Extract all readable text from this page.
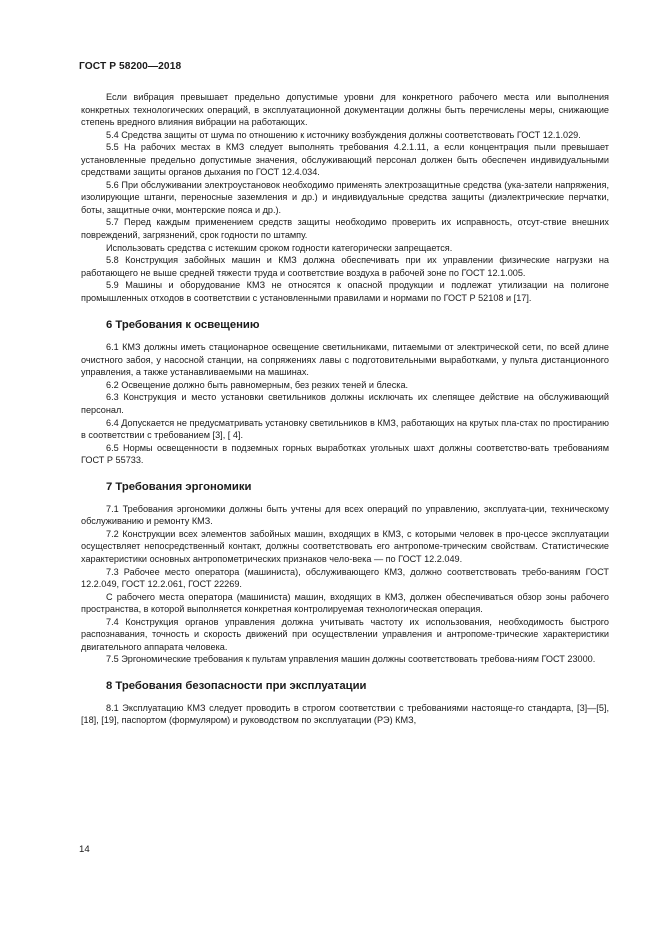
ГОСТ Р 58200—2018

Если вибрация превышает предельно допустимые уровни для конкретного рабочего места или выполнения конкретных технологических операций, в эксплуатационной документации должны быть перечислены меры, снижающие степень вредного влияния вибрации на работающих.

5.4 Средства защиты от шума по отношению к источнику возбуждения должны соответствовать ГОСТ 12.1.029.

5.5 На рабочих местах в КМЗ следует выполнять требования 4.2.1.11, а если концентрация пыли превышает установленные предельно допустимые значения, обслуживающий персонал должен быть обеспечен индивидуальными средствами защиты органов дыхания по ГОСТ 12.4.034.

5.6 При обслуживании электроустановок необходимо применять электрозащитные средства (ука-затели напряжения, изолирующие штанги, переносные заземления и др.) и индивидуальные средства защиты (диэлектрические перчатки, боты, защитные очки, монтерские пояса и др.).

5.7 Перед каждым применением средств защиты необходимо проверить их исправность, отсут-ствие внешних повреждений, загрязнений, срок годности по штампу.

Использовать средства с истекшим сроком годности категорически запрещается.

5.8 Конструкция забойных машин и КМЗ должна обеспечивать при их управлении физические нагрузки на работающего не выше средней тяжести труда и соответствие воздуха в рабочей зоне по ГОСТ 12.1.005.

5.9 Машины и оборудование КМЗ не относятся к опасной продукции и подлежат утилизации на полигоне промышленных отходов в соответствии с установленными правилами и нормами по ГОСТ Р 52108 и [17].

6 Требования к освещению

6.1 КМЗ должны иметь стационарное освещение светильниками, питаемыми от электрической сети, по всей длине очистного забоя, у насосной станции, на сопряжениях лавы с подготовительными выработками, у пульта дистанционного управления, а также устанавливаемыми на машинах.

6.2 Освещение должно быть равномерным, без резких теней и блеска.

6.3 Конструкция и место установки светильников должны исключать их слепящее действие на обслуживающий персонал.

6.4 Допускается не предусматривать установку светильников в КМЗ, работающих на крутых пла-стах по простиранию в соответствии с требованием [3], [ 4].

6.5 Нормы освещенности в подземных горных выработках угольных шахт должны соответство-вать требованиям ГОСТ Р 55733.

7 Требования эргономики

7.1 Требования эргономики должны быть учтены для всех операций по управлению, эксплуата-ции, техническому обслуживанию и ремонту КМЗ.

7.2 Конструкции всех элементов забойных машин, входящих в КМЗ, с которыми человек в про-цессе эксплуатации осуществляет непосредственный контакт, должны соответствовать его антропоме-трическим свойствам. Статистические характеристики основных антропометрических признаков чело-века — по ГОСТ 12.2.049.

7.3 Рабочее место оператора (машиниста), обслуживающего КМЗ, должно соответствовать требо-ваниям ГОСТ 12.2.049, ГОСТ 12.2.061, ГОСТ 22269.

С рабочего места оператора (машиниста) машин, входящих в КМЗ, должен обеспечиваться обзор зоны рабочего пространства, в которой выполняется конкретная контролируемая технологическая операция.

7.4 Конструкция органов управления должна учитывать частоту их использования, необходимость быстрого распознавания, точность и скорость движений при осуществлении управления и антропоме-трические характеристики двигательного аппарата человека.

7.5 Эргономические требования к пультам управления машин должны соответствовать требова-ниям ГОСТ 23000.

8 Требования безопасности при эксплуатации

8.1 Эксплуатацию КМЗ следует проводить в строгом соответствии с требованиями настояще-го стандарта, [3]—[5], [18], [19], паспортом (формуляром) и руководством по эксплуатации (РЭ) КМЗ,

14
